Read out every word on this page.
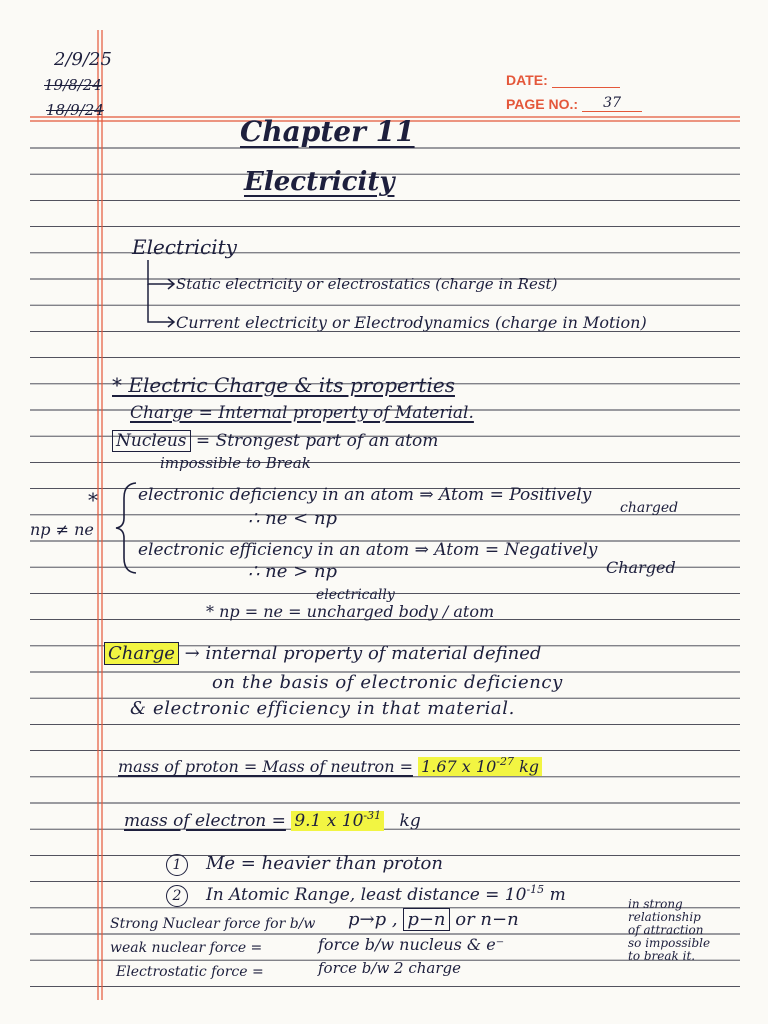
2/9/25
19/8/24
18/9/24
DATE:
PAGE NO.: 37
Chapter 11
Electricity
Electricity
Static electricity or electrostatics (charge in Rest)
Current electricity or Electrodynamics (charge in Motion)
* Electric Charge & its properties
Charge = Internal property of Material.
Nucleus = Strongest part of an atom
impossible to Break
*
np ≠ ne
electronic deficiency in an atom ⇒ Atom = Positively
charged
∴ ne < np
electronic efficiency in an atom ⇒ Atom = Negatively
Charged
∴ ne > np
electrically
* np = ne = uncharged body / atom
Charge → internal property of material defined
on the basis of electronic deficiency
& electronic efficiency in that material.
mass of proton = Mass of neutron = 1.67 x $10^{-27}$ kg
mass of electron = 9.1 x $10^{-31}$ kg
1 Me = heavier than proton
2 In Atomic Range, least distance = $10^{-15}$ m
Strong Nuclear force for b/w p→p , p−n or n−n
in strong
relationship
of attraction
so impossible
to break it.
weak nuclear force =	force b/w nucleus & e⁻
Electrostatic force =	force b/w 2 charge
